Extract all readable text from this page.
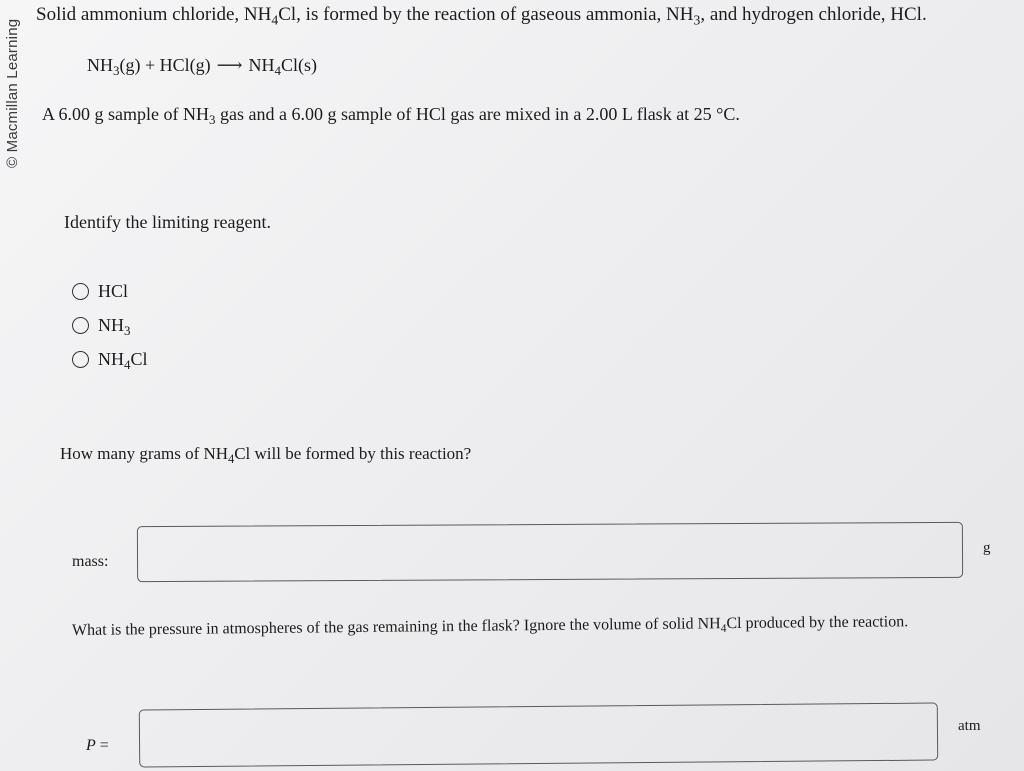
© Macmillan Learning
Solid ammonium chloride, $NH_4Cl$, is formed by the reaction of gaseous ammonia, $NH_3$, and hydrogen chloride, HCl.
$NH_3(g) + HCl(g)$ ⟶ $NH_4Cl(s)$
A 6.00 g sample of $NH_3$ gas and a 6.00 g sample of HCl gas are mixed in a 2.00 L flask at 25 °C.
Identify the limiting reagent.
HCl
$NH_3$
$NH_4Cl$
How many grams of $NH_4Cl$ will be formed by this reaction?
mass:
g
What is the pressure in atmospheres of the gas remaining in the flask? Ignore the volume of solid $NH_4Cl$ produced by the reaction.
P =
atm
